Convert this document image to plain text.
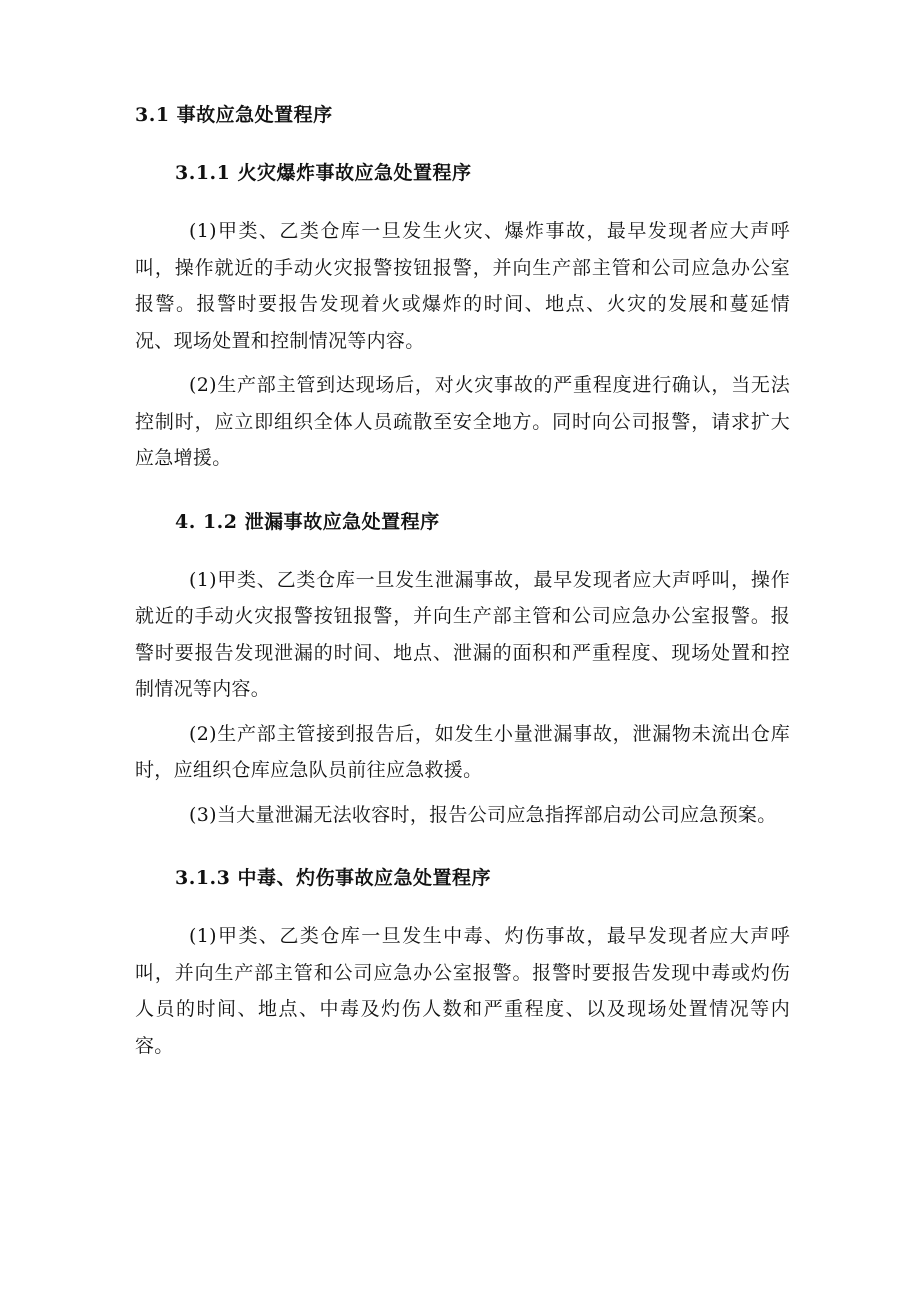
3.1 事故应急处置程序
3.1.1 火灾爆炸事故应急处置程序

(1)甲类、乙类仓库一旦发生火灾、爆炸事故，最早发现者应大声呼叫，操作就近的手动火灾报警按钮报警，并向生产部主管和公司应急办公室报警。报警时要报告发现着火或爆炸的时间、地点、火灾的发展和蔓延情况、现场处置和控制情况等内容。

(2)生产部主管到达现场后，对火灾事故的严重程度进行确认，当无法控制时，应立即组织全体人员疏散至安全地方。同时向公司报警，请求扩大应急增援。

4. 1.2 泄漏事故应急处置程序

(1)甲类、乙类仓库一旦发生泄漏事故，最早发现者应大声呼叫，操作就近的手动火灾报警按钮报警，并向生产部主管和公司应急办公室报警。报警时要报告发现泄漏的时间、地点、泄漏的面积和严重程度、现场处置和控制情况等内容。

(2)生产部主管接到报告后，如发生小量泄漏事故，泄漏物未流出仓库时，应组织仓库应急队员前往应急救援。

(3)当大量泄漏无法收容时，报告公司应急指挥部启动公司应急预案。

3.1.3 中毒、灼伤事故应急处置程序

(1)甲类、乙类仓库一旦发生中毒、灼伤事故，最早发现者应大声呼叫，并向生产部主管和公司应急办公室报警。报警时要报告发现中毒或灼伤人员的时间、地点、中毒及灼伤人数和严重程度、以及现场处置情况等内容。
